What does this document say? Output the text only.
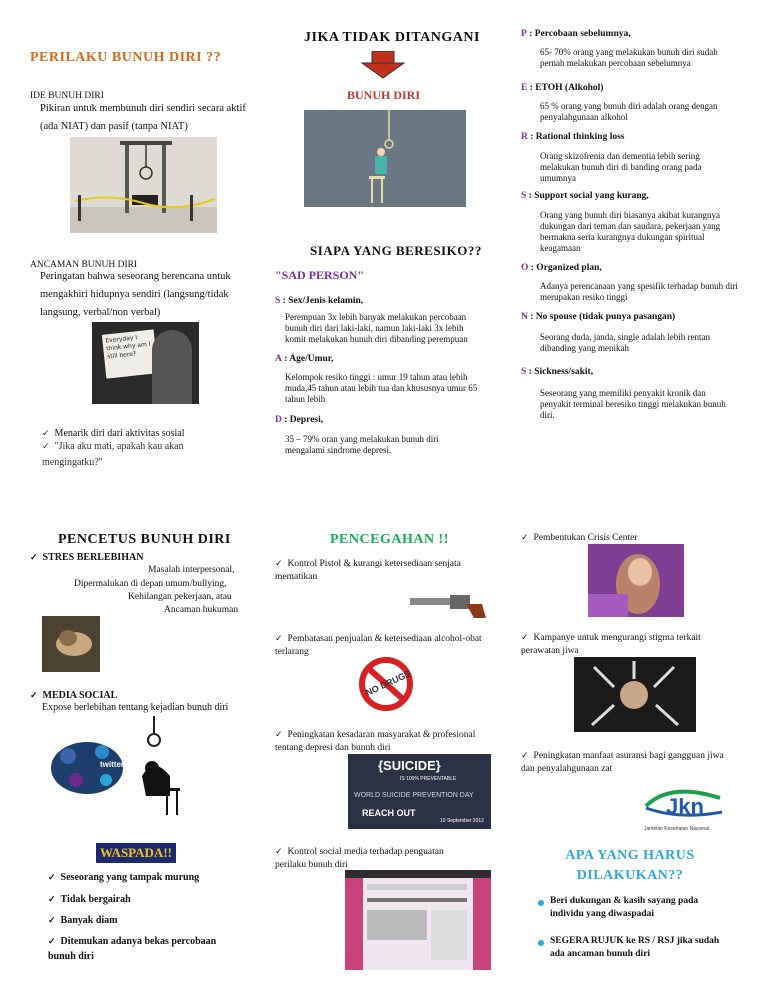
PERILAKU BUNUH DIRI ??
IDE BUNUH DIRI
Pikiran untuk membunuh diri sendiri secara aktif (ada NIAT) dan pasif (tanpa NIAT)
ANCAMAN BUNUH DIRI
Peringatan bahwa seseorang berencana untuk
mengakhiri hidupnya sendiri (langsung/tidak
langsung, verbal/non verbal)
Everyday I think why am I still here?
✓ Menarik diri dari aktivitas sosial
✓ "Jika aku mati, apakah kau akan mengingatku?"
JIKA TIDAK DITANGANI
BUNUH DIRI
SIAPA YANG BERESIKO??
"SAD PERSON"
S : Sex/Jenis kelamin,
Perempuan 3x lebih banyak melakukan percobaan bunuh diri dari laki-laki, namun laki-laki 3x lebih komit melakukan bunuh diri dibanding perempuan
A : Age/Umur,
Kelompok resiko tinggi : umur 19 tahun atau lebih muda,45 tahun atau lebih tua dan khususnya umur 65 tahun lebih
D : Depresi,
35 – 79% oran yang melakukan bunuh diri mengalami sindrome depresi.
P : Percobaan sebelumnya,
65- 70% orang yang melakukan bunuh diri sudah pernah melakukan percobaan sebelumnya
E : ETOH (Alkohol)
65 % orang yang bunuh diri adalah orang dengan penyalahgunaan alkohol
R : Rational thinking loss
Orang skizofrenia dan dementia lebih sering melakukan bunuh diri di banding orang pada umumnya
S : Support social yang kurang,
Orang yang bunuh diri biasanya akibat kurangnya dukungan dari teman dan saudara, pekerjaan yang bermakna serta kurangnya dukungan spiritual keagamaan
O : Organized plan,
Adanya perencanaan yang spesifik terhadap bunuh diri merupakan resiko tinggi
N : No spouse (tidak punya pasangan)
Seorang duda, janda, single adalah lebih rentan dibanding yang menikah
S : Sickness/sakit,
Seseorang yang memiliki penyakit kronik dan penyakit terminal beresiko tinggi melakukan bunuh diri.
PENCETUS BUNUH DIRI
✓ STRES BERLEBIHAN
Masalah interpersonal,
Dipermalukan di depan umum/bullying,
Kehilangan pekerjaan, atau
Ancaman hukuman
✓ MEDIA SOCIAL
Expose berlebihan tentang kejadian bunuh diri
twitter
WASPADA!!
✓ Seseorang yang tampak murung
✓ Tidak bergairah
✓ Banyak diam
✓ Ditemukan adanya bekas percobaan bunuh diri
PENCEGAHAN !!
✓ Kontrol Pistol & kurangi ketersediaan senjata mematikan
✓ Pembatasan penjualan & ketersediaan alcohol-obat terlarang
NO DRUGS
✓ Peningkatan kesadaran masyarakat & profesional tentang depresi dan bunuh diri
{SUICIDE}
IS 100% PREVENTABLE
WORLD SUICIDE PREVENTION DAY
REACH OUT
10 September 2012
✓ Kontrol social media terhadap penguatan perilaku bunuh diri
✓ Pembentukan Crisis Center
✓ Kampanye untuk mengurangi stigma terkait perawatan jiwa
✓ Peningkatan manfaat asuransi bagi gangguan jiwa dan penyalahgunaan zat
Jkn
Jaminan Kesehatan Nasional
APA YANG HARUS DILAKUKAN??
Beri dukungan & kasih sayang pada individu yang diwaspadai
SEGERA RUJUK ke RS / RSJ jika sudah ada ancaman bunuh diri
